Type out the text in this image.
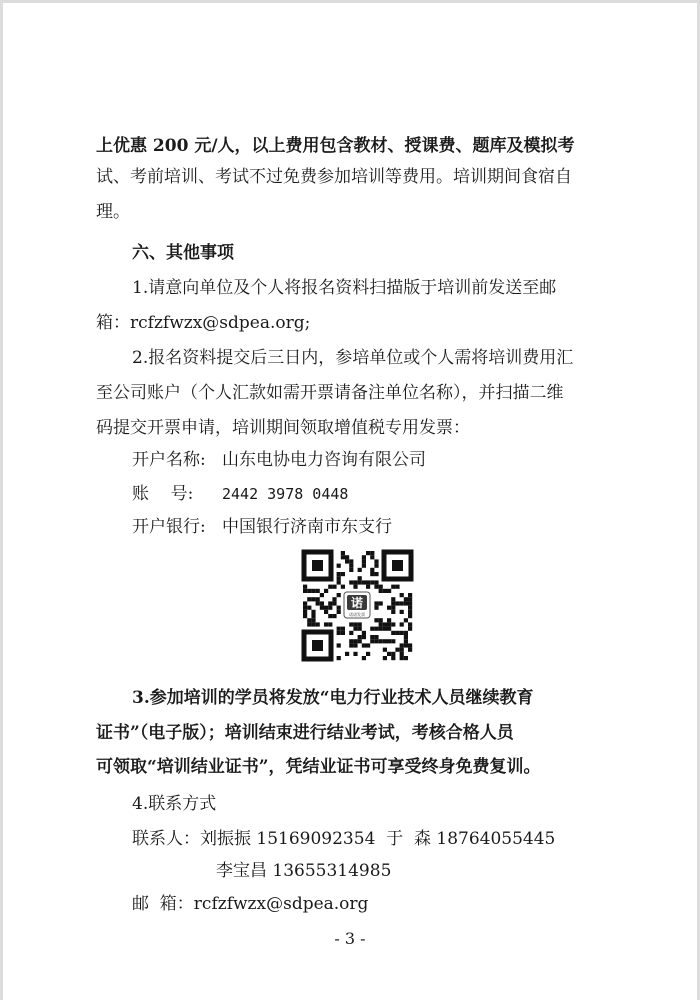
上优惠 200 元/人，以上费用包含教材、授课费、题库及模拟考
试、考前培训、考试不过免费参加培训等费用。培训期间食宿自
理。
六、其他事项
1.请意向单位及个人将报名资料扫描版于培训前发送至邮
箱：rcfzfwzx@sdpea.org;
2.报名资料提交后三日内，参培单位或个人需将培训费用汇
至公司账户（个人汇款如需开票请备注单位名称），并扫描二维
码提交开票申请，培训期间领取增值税专用发票：
开户名称: 山东电协电力咨询有限公司
账    号: 2442 3978 0448
开户银行: 中国银行济南市东支行
诺
诺诺发票
3.参加培训的学员将发放“电力行业技术人员继续教育
证书”（电子版）；培训结束进行结业考试，考核合格人员
可领取“培训结业证书”，凭结业证书可享受终身免费复训。
4.联系方式
联系人：刘振振 15169092354  于  森 18764055445
李宝昌 13655314985
邮  箱：rcfzfwzx@sdpea.org
- 3 -
